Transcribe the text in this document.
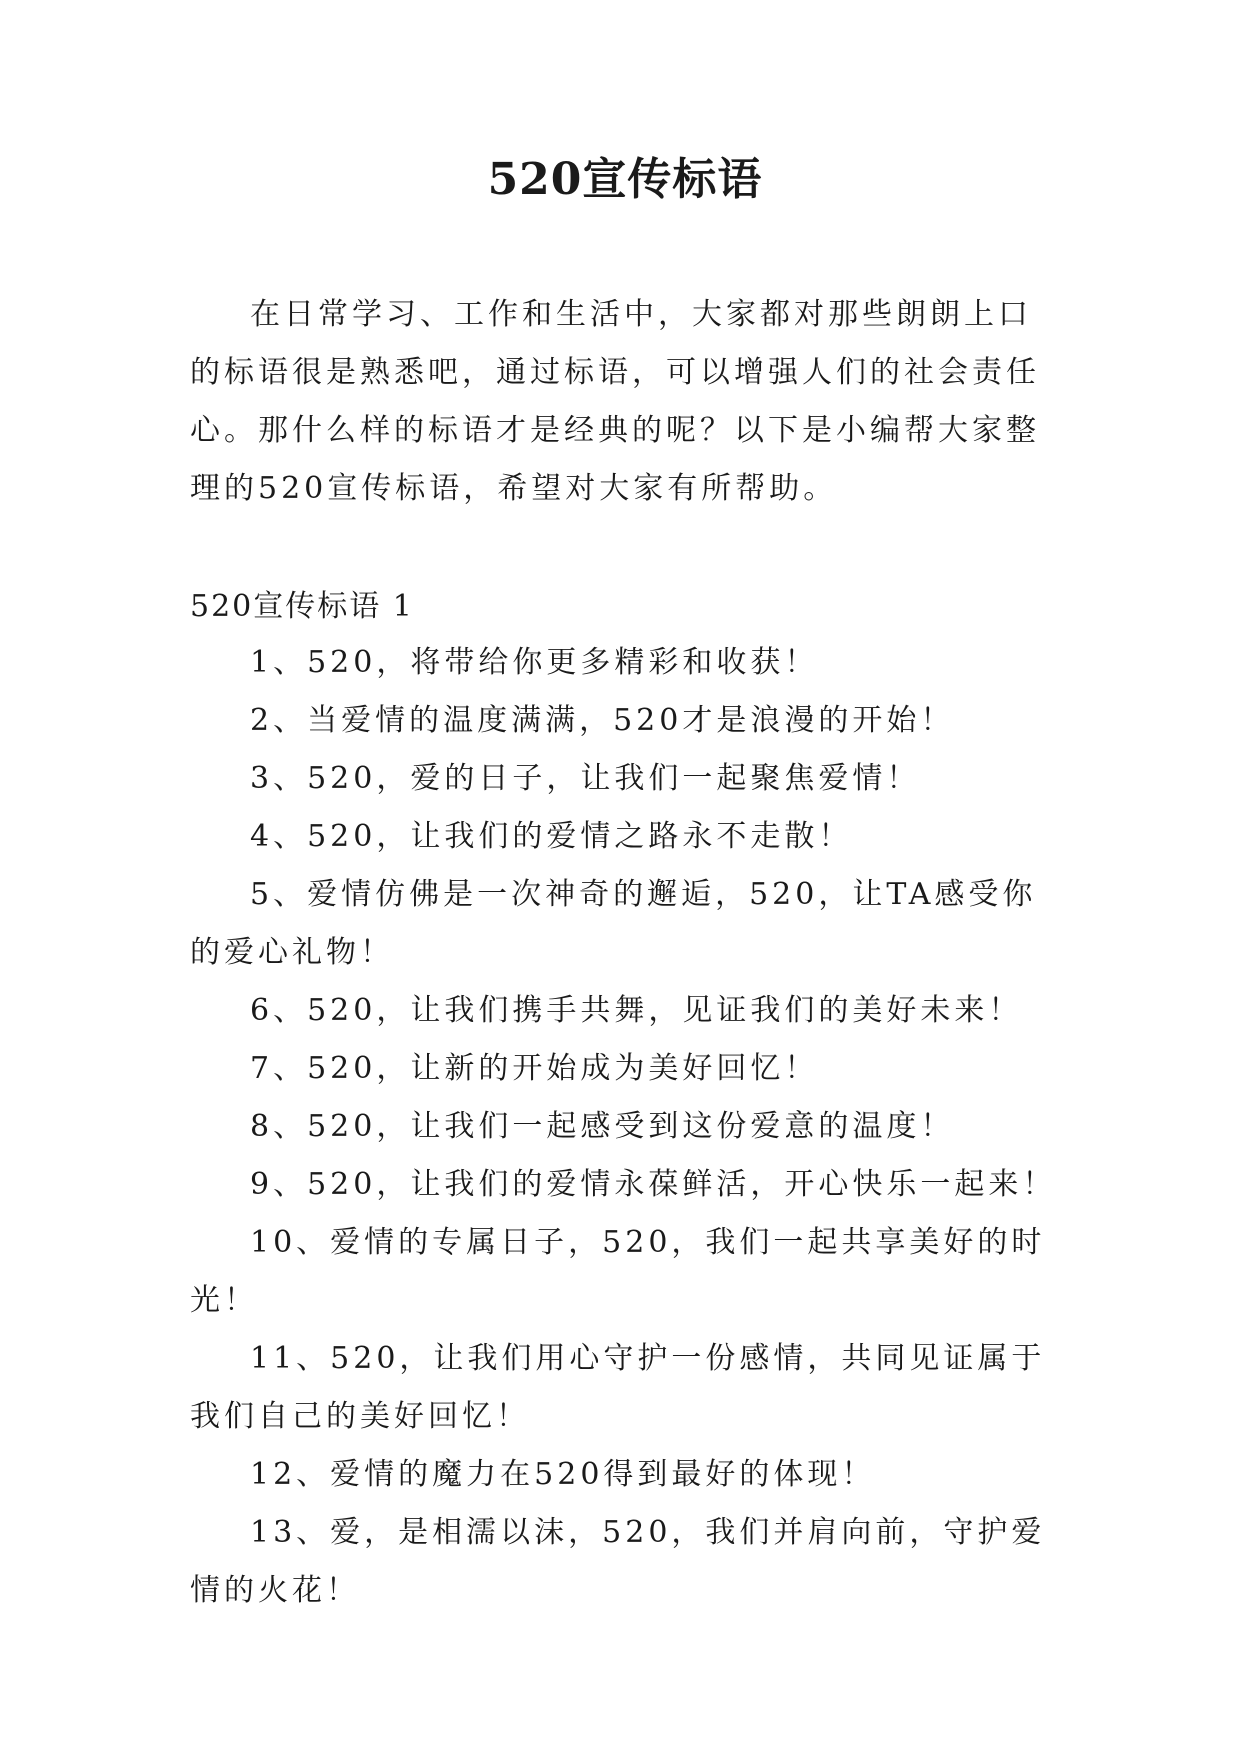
520宣传标语

在日常学习、工作和生活中，大家都对那些朗朗上口的标语很是熟悉吧，通过标语，可以增强人们的社会责任心。那什么样的标语才是经典的呢？以下是小编帮大家整理的520宣传标语，希望对大家有所帮助。

520宣传标语 1
1、520，将带给你更多精彩和收获！
2、当爱情的温度满满，520才是浪漫的开始！
3、520，爱的日子，让我们一起聚焦爱情！
4、520，让我们的爱情之路永不走散！
5、爱情仿佛是一次神奇的邂逅，520，让TA感受你的爱心礼物！
6、520，让我们携手共舞，见证我们的美好未来！
7、520，让新的开始成为美好回忆！
8、520，让我们一起感受到这份爱意的温度！
9、520，让我们的爱情永葆鲜活，开心快乐一起来！
10、爱情的专属日子，520，我们一起共享美好的时光！
11、520，让我们用心守护一份感情，共同见证属于我们自己的美好回忆！
12、爱情的魔力在520得到最好的体现！
13、爱，是相濡以沫，520，我们并肩向前，守护爱情的火花！
